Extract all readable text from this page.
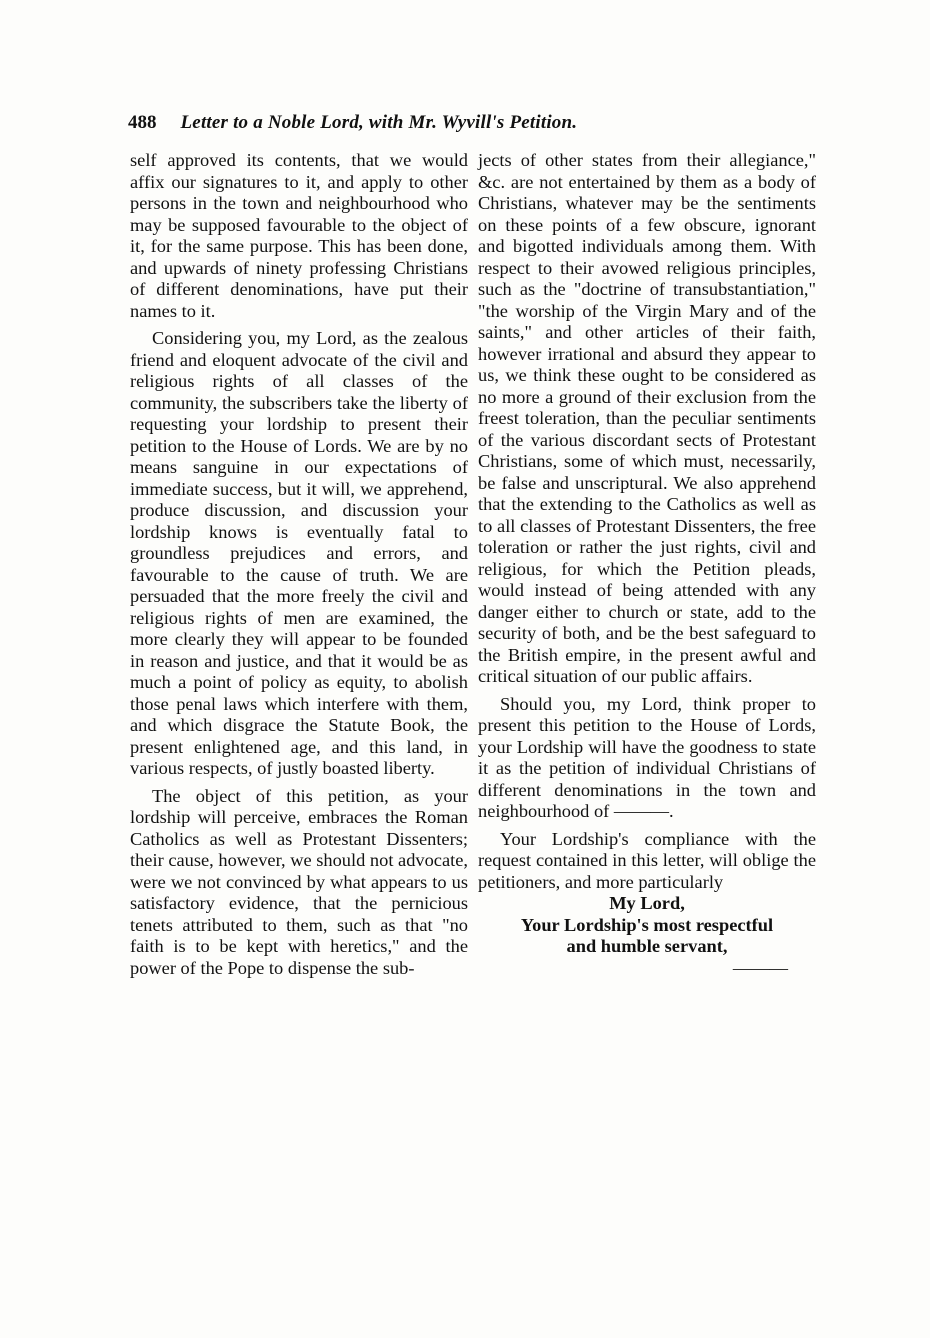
488 Letter to a Noble Lord, with Mr. Wyvill's Petition.

self approved its contents, that we would affix our signatures to it, and apply to other persons in the town and neighbourhood who may be supposed favourable to the object of it, for the same purpose. This has been done, and upwards of ninety professing Christians of different denominations, have put their names to it.

Considering you, my Lord, as the zealous friend and eloquent advocate of the civil and religious rights of all classes of the community, the subscribers take the liberty of requesting your lordship to present their petition to the House of Lords. We are by no means sanguine in our expectations of immediate success, but it will, we apprehend, produce discussion, and discussion your lordship knows is eventually fatal to groundless prejudices and errors, and favourable to the cause of truth. We are persuaded that the more freely the civil and religious rights of men are examined, the more clearly they will appear to be founded in reason and justice, and that it would be as much a point of policy as equity, to abolish those penal laws which interfere with them, and which disgrace the Statute Book, the present enlightened age, and this land, in various respects, of justly boasted liberty.

The object of this petition, as your lordship will perceive, embraces the Roman Catholics as well as Protestant Dissenters; their cause, however, we should not advocate, were we not convinced by what appears to us satisfactory evidence, that the pernicious tenets attributed to them, such as that "no faith is to be kept with heretics," and the power of the Pope to dispense the sub-

jects of other states from their allegiance," &c. are not entertained by them as a body of Christians, whatever may be the sentiments on these points of a few obscure, ignorant and bigotted individuals among them. With respect to their avowed religious principles, such as the "doctrine of transubstantiation," "the worship of the Virgin Mary and of the saints," and other articles of their faith, however irrational and absurd they appear to us, we think these ought to be considered as no more a ground of their exclusion from the freest toleration, than the peculiar sentiments of the various discordant sects of Protestant Christians, some of which must, necessarily, be false and unscriptural. We also apprehend that the extending to the Catholics as well as to all classes of Protestant Dissenters, the free toleration or rather the just rights, civil and religious, for which the Petition pleads, would instead of being attended with any danger either to church or state, add to the security of both, and be the best safeguard to the British empire, in the present awful and critical situation of our public affairs.

Should you, my Lord, think proper to present this petition to the House of Lords, your Lordship will have the goodness to state it as the petition of individual Christians of different denominations in the town and neighbourhood of ———.

Your Lordship's compliance with the request contained in this letter, will oblige the petitioners, and more particularly

My Lord,

Your Lordship's most respectful

and humble servant,

———
